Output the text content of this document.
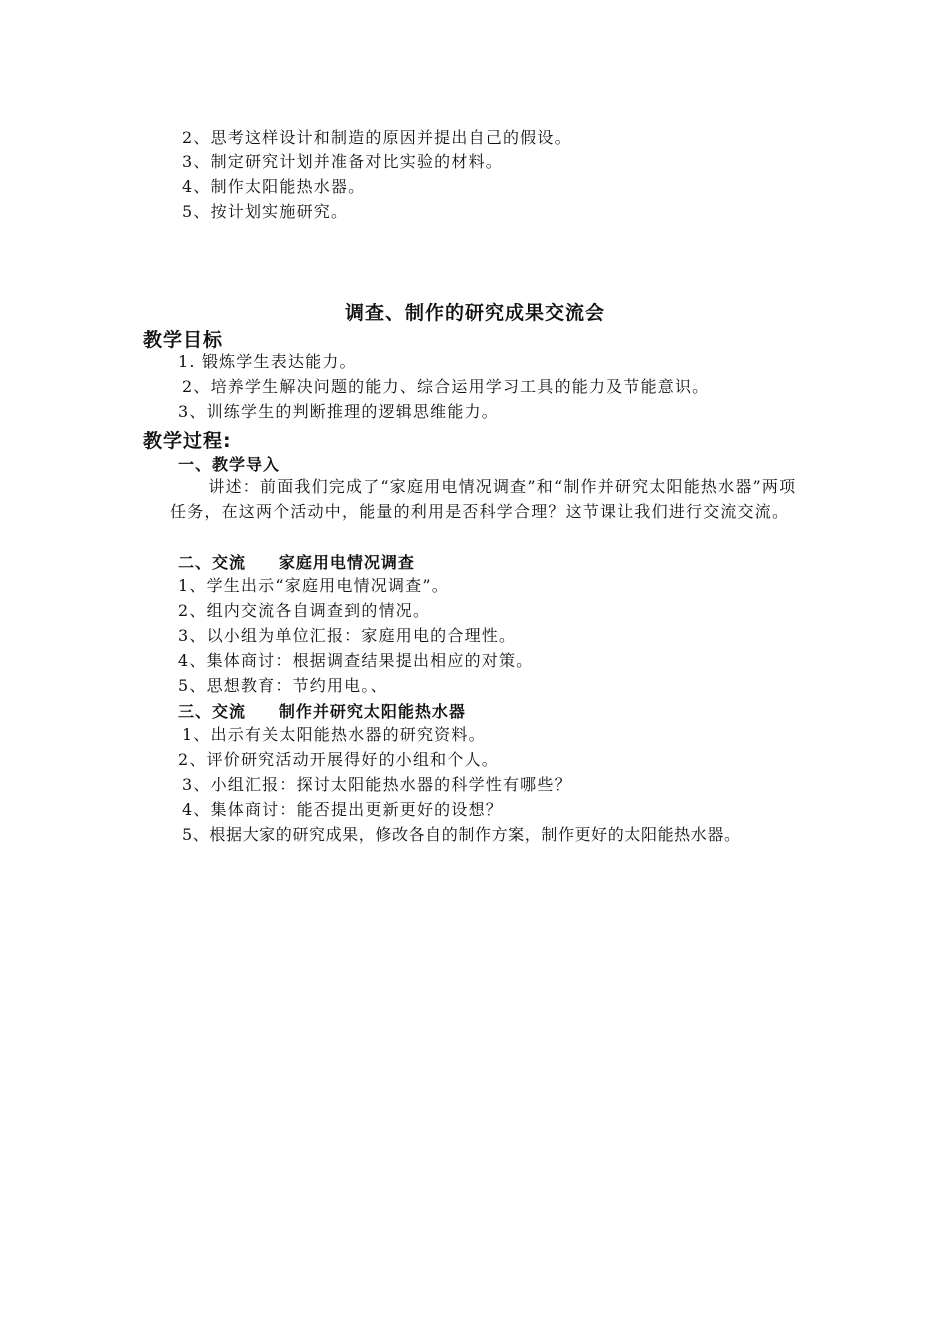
2、思考这样设计和制造的原因并提出自己的假设。
3、制定研究计划并准备对比实验的材料。
4、制作太阳能热水器。
5、按计划实施研究。
调查、制作的研究成果交流会
教学目标
1. 锻炼学生表达能力。
2、培养学生解决问题的能力、综合运用学习工具的能力及节能意识。
3、训练学生的判断推理的逻辑思维能力。
教学过程:
一、教学导入
讲述：前面我们完成了“家庭用电情况调查”和“制作并研究太阳能热水器”两项任务，在这两个活动中，能量的利用是否科学合理？这节课让我们进行交流交流。
二、交流     家庭用电情况调查
1、学生出示“家庭用电情况调查”。
2、组内交流各自调查到的情况。
3、以小组为单位汇报：家庭用电的合理性。
4、集体商讨：根据调查结果提出相应的对策。
5、思想教育：节约用电。、
三、交流     制作并研究太阳能热水器
1、出示有关太阳能热水器的研究资料。
2、评价研究活动开展得好的小组和个人。
3、小组汇报：探讨太阳能热水器的科学性有哪些？
4、集体商讨：能否提出更新更好的设想？
5、根据大家的研究成果，修改各自的制作方案，制作更好的太阳能热水器。
